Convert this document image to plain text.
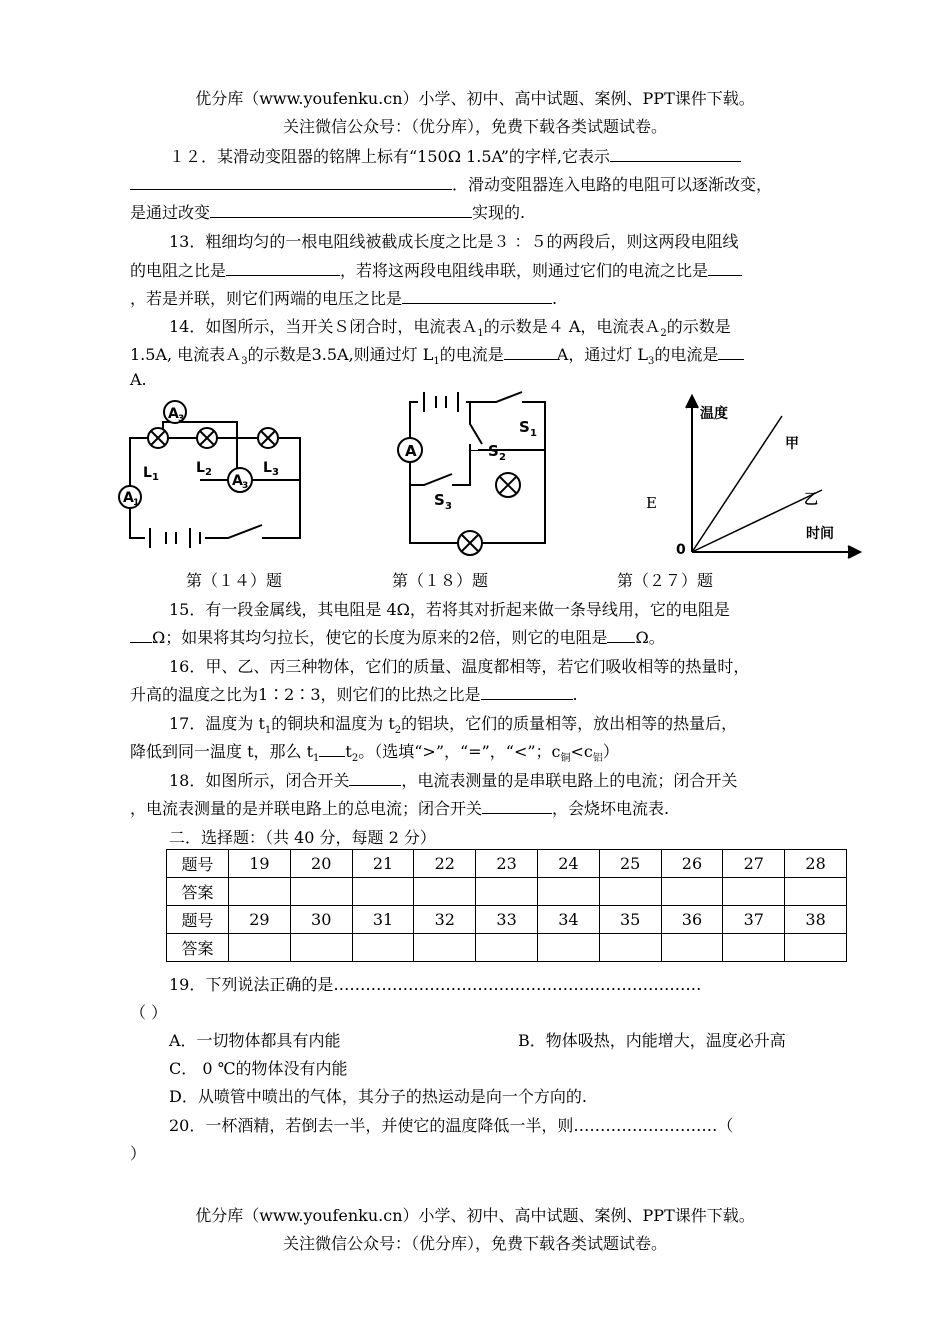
优分库（www.youfenku.cn）小学、初中、高中试题、案例、PPT课件下载。
关注微信公众号：（优分库），免费下载各类试题试卷。
１２．某滑动变阻器的铭牌上标有“150Ω 1.5A”的字样,它表示
．滑动变阻器连入电路的电阻可以逐渐改变，
是通过改变	实现的.
13．粗细均匀的一根电阻线被截成长度之比是３ ：５的两段后，则这两段电阻线
的电阻之比是	，若将这两段电阻线串联，则通过它们的电流之比是
，若是并联，则它们两端的电压之比是	.
14．如图所示，当开关Ｓ闭合时，电流表Ａ$_1$的示数是４ A，电流表Ａ$_2$的示数是
1.5A, 电流表Ａ$_3$的示数是3.5A,则通过灯 $L_1$的电流是	A，通过灯 $L_3$的电流是
A.
A 3
L 1
L 2	L 3
A 3
A 1
S 1
A	S 2
S 3
温度
甲
乙
时间
0
E
第（１４）题	第（１８）题	第（２７）题
15．有一段金属线，其电阻是 4Ω，若将其对折起来做一条导线用，它的电阻是
Ω；如果将其均匀拉长，使它的长度为原来的2倍，则它的电阻是 Ω。
16．甲、乙、丙三种物体，它们的质量、温度都相等，若它们吸收相等的热量时，
升高的温度之比为1∶2∶3，则它们的比热之比是	.
17．温度为 $t_1$的铜块和温度为 $t_2$的铝块，它们的质量相等，放出相等的热量后，
降低到同一温度 t，那么 $t_1$ $t_2$。（选填“>”，“=”，“<”；$c_铜<c_铝$）
18．如图所示，闭合开关	，电流表测量的是串联电路上的电流；闭合开关
，电流表测量的是并联电路上的总电流；闭合开关	，会烧坏电流表.
二．选择题：（共 40 分，每题 2 分）
题号	19	20	21	22	23	24	25	26	27	28
答案										
题号	29	30	31	32	33	34	35	36	37	38
答案										
19．下列说法正确的是……………………………………………………………
（ ）
A．一切物体都具有内能	B．物体吸热，内能增大，温度必升高
C． 0 ℃的物体没有内能
D．从喷管中喷出的气体，其分子的热运动是向一个方向的.
20．一杯酒精，若倒去一半，并使它的温度降低一半，则………………………（
）
优分库（www.youfenku.cn）小学、初中、高中试题、案例、PPT课件下载。
关注微信公众号：（优分库），免费下载各类试题试卷。
